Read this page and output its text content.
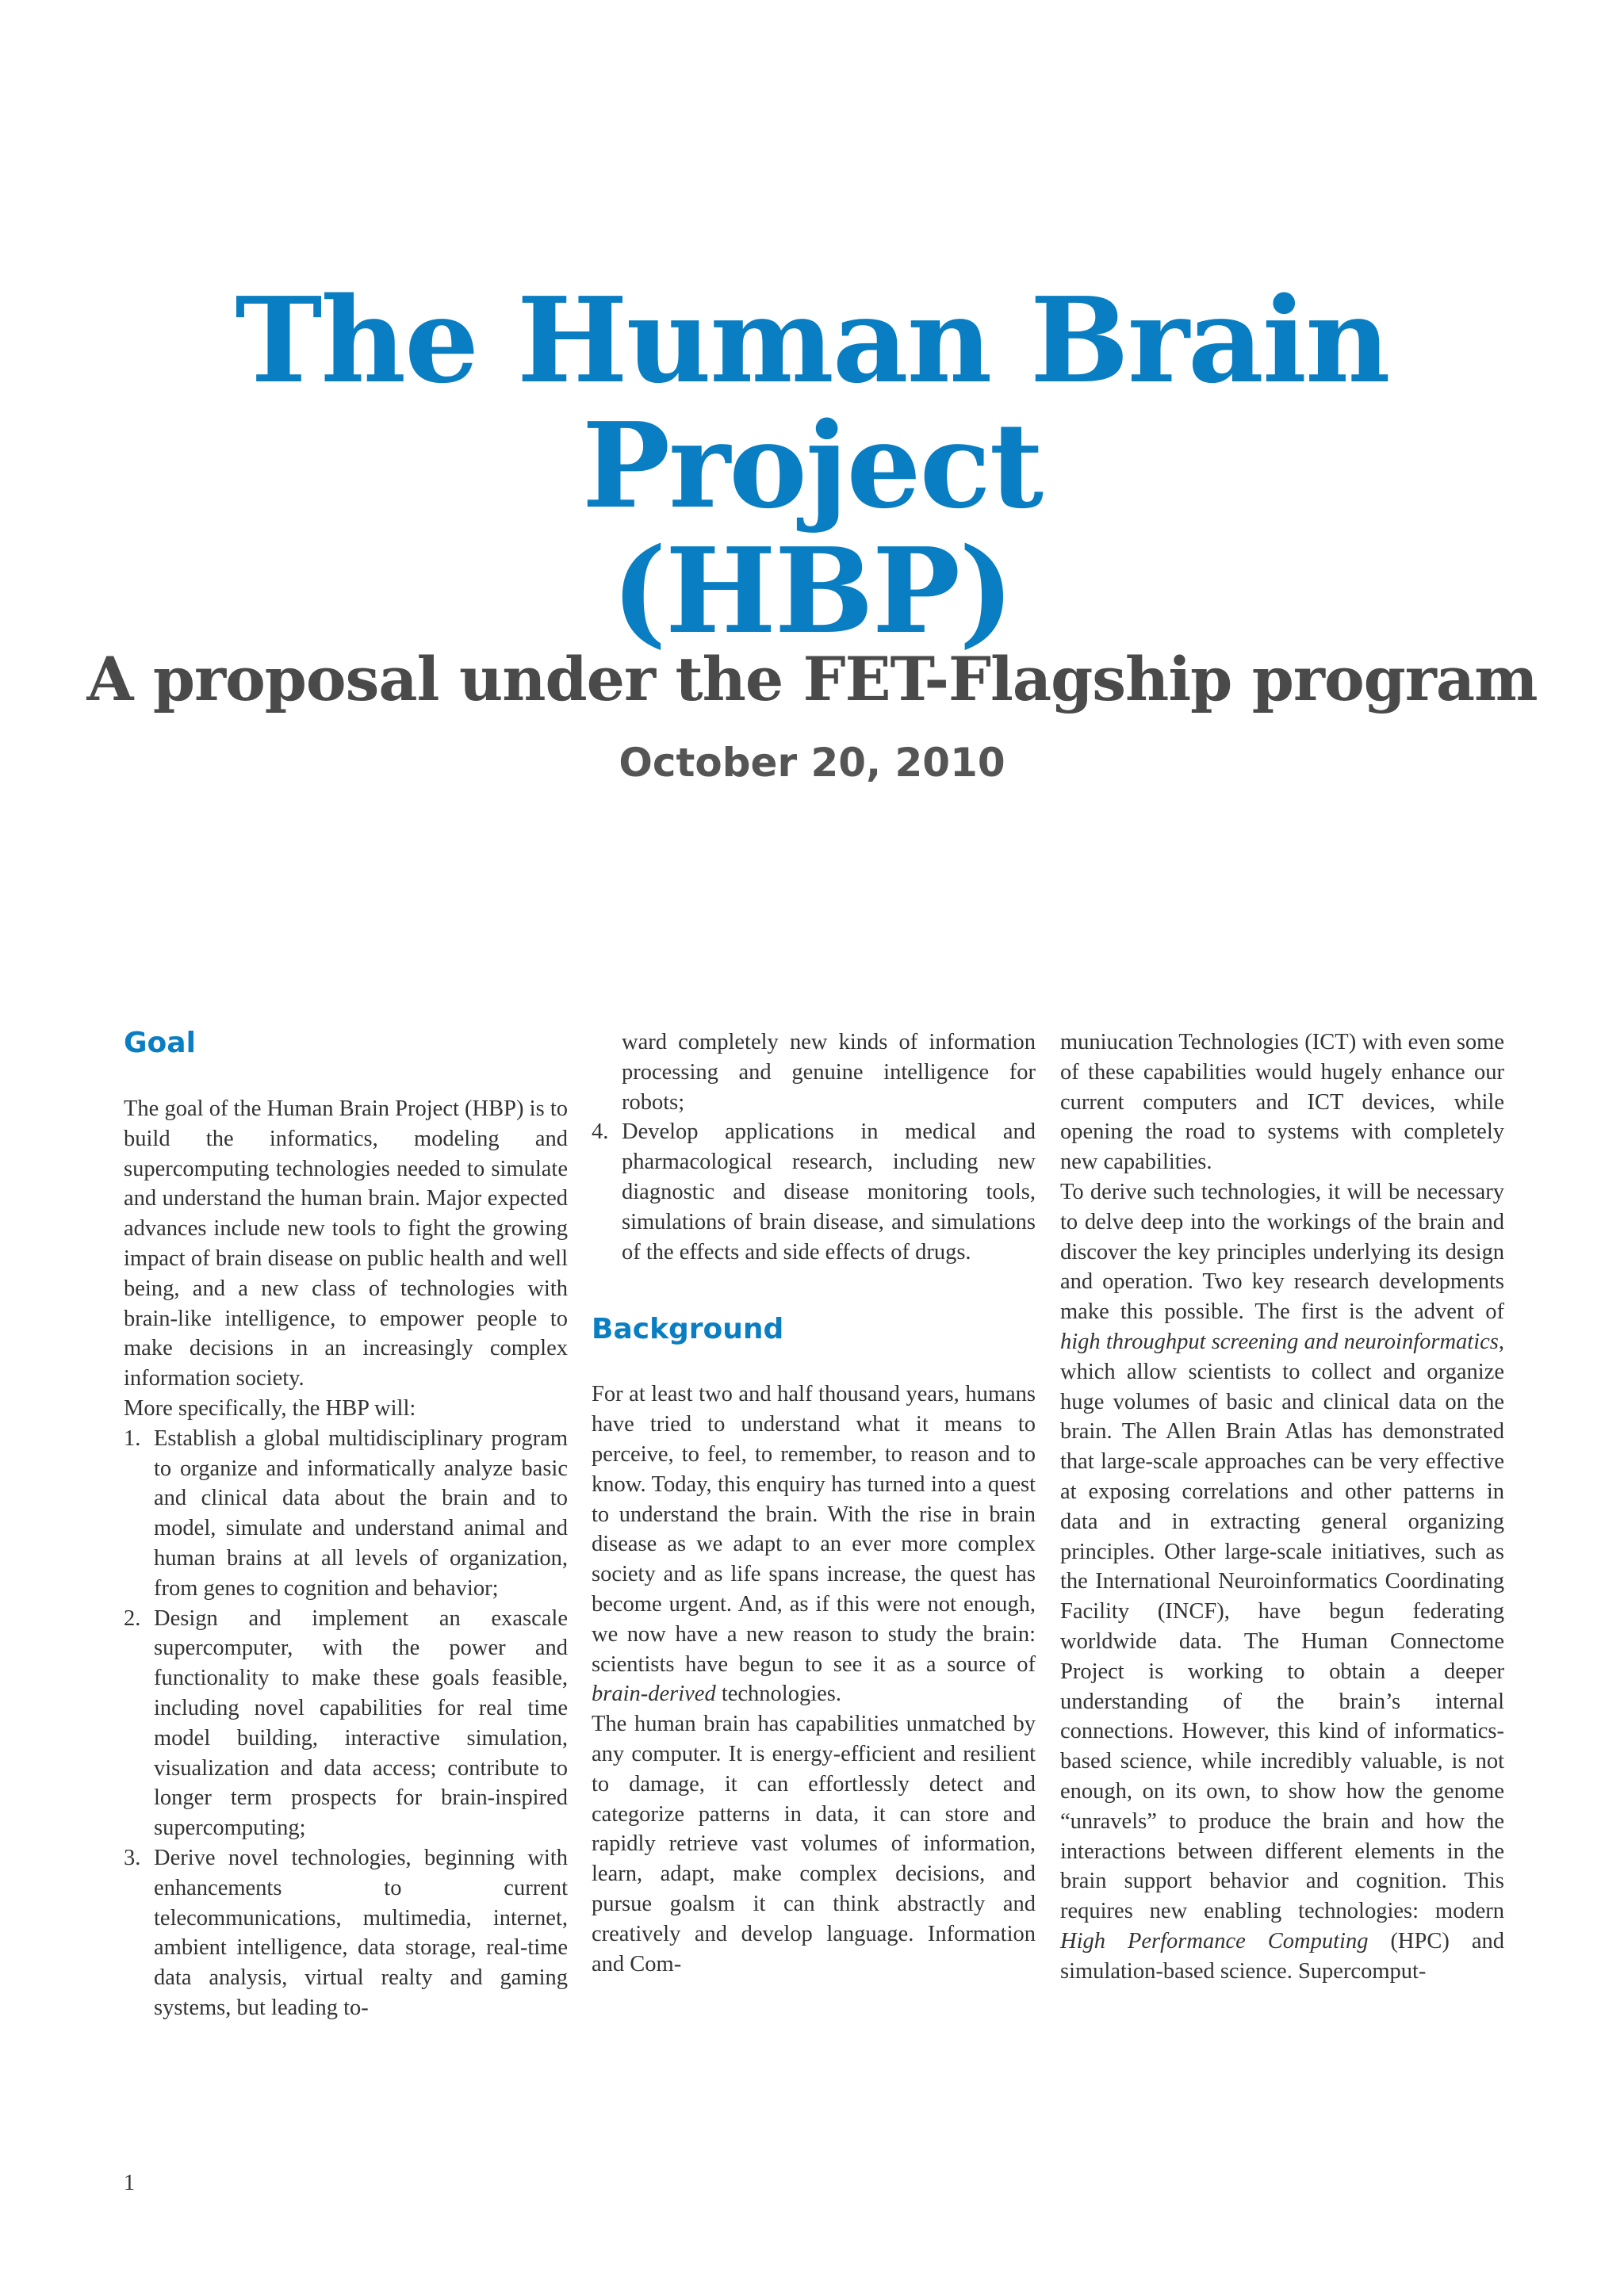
The Human Brain Project
(HBP)
A proposal under the FET-Flagship program
October 20, 2010
Goal

The goal of the Human Brain Project (HBP) is to build the informatics, modeling and supercomputing technologies needed to simulate and understand the human brain. Major expected advances include new tools to fight the growing impact of brain disease on public health and well being, and a new class of technologies with brain-like intelligence, to empower people to make decisions in an increasingly complex information society.

More specifically, the HBP will:

1. Establish a global multidisciplinary program to organize and informatically analyze basic and clinical data about the brain and to model, simulate and understand animal and human brains at all levels of organization, from genes to cognition and behavior;
2. Design and implement an exascale supercomputer, with the power and functionality to make these goals feasible, including novel capabilities for real time model building, interactive simulation, visualization and data access; contribute to longer term prospects for brain-inspired supercomputing;
3. Derive novel technologies, beginning with enhancements to current telecommunications, multimedia, internet, ambient intelligence, data storage, real-time data analysis, virtual realty and gaming systems, but leading to-
ward completely new kinds of information processing and genuine intelligence for robots;
4. Develop applications in medical and pharmacological research, including new diagnostic and disease monitoring tools, simulations of brain disease, and simulations of the effects and side effects of drugs.
Background

For at least two and half thousand years, humans have tried to understand what it means to perceive, to feel, to remember, to reason and to know. Today, this enquiry has turned into a quest to understand the brain. With the rise in brain disease as we adapt to an ever more complex society and as life spans increase, the quest has become urgent. And, as if this were not enough, we now have a new reason to study the brain: scientists have begun to see it as a source of brain-derived technologies.

The human brain has capabilities unmatched by any computer. It is energy-efficient and resilient to damage, it can effortlessly detect and categorize patterns in data, it can store and rapidly retrieve vast volumes of information, learn, adapt, make complex decisions, and pursue goalsm it can think abstractly and creatively and develop language. Information and Com-

muniucation Technologies (ICT) with even some of these capabilities would hugely enhance our current computers and ICT devices, while opening the road to systems with completely new capabilities.

To derive such technologies, it will be necessary to delve deep into the workings of the brain and discover the key principles underlying its design and operation. Two key research developments make this possible. The first is the advent of high throughput screening and neuroinformatics, which allow scientists to collect and organize huge volumes of basic and clinical data on the brain. The Allen Brain Atlas has demonstrated that large-scale approaches can be very effective at exposing correlations and other patterns in data and in extracting general organizing principles. Other large-scale initiatives, such as the International Neuroinformatics Coordinating Facility (INCF), have begun federating worldwide data. The Human Connectome Project is working to obtain a deeper understanding of the brain’s internal connections. However, this kind of informatics-based science, while incredibly valuable, is not enough, on its own, to show how the genome “unravels” to produce the brain and how the interactions between different elements in the brain support behavior and cognition. This requires new enabling technologies: modern High Performance Computing (HPC) and simulation-based science. Supercomput-

1
